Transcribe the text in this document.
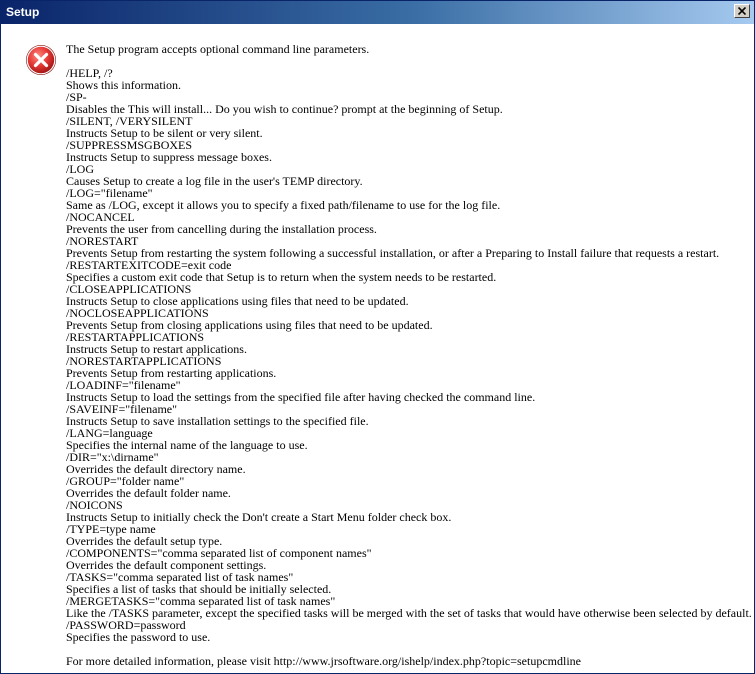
Setup
The Setup program accepts optional command line parameters.
/HELP, /?
Shows this information.
/SP-
Disables the This will install... Do you wish to continue? prompt at the beginning of Setup.
/SILENT, /VERYSILENT
Instructs Setup to be silent or very silent.
/SUPPRESSMSGBOXES
Instructs Setup to suppress message boxes.
/LOG
Causes Setup to create a log file in the user's TEMP directory.
/LOG="filename"
Same as /LOG, except it allows you to specify a fixed path/filename to use for the log file.
/NOCANCEL
Prevents the user from cancelling during the installation process.
/NORESTART
Prevents Setup from restarting the system following a successful installation, or after a Preparing to Install failure that requests a restart.
/RESTARTEXITCODE=exit code
Specifies a custom exit code that Setup is to return when the system needs to be restarted.
/CLOSEAPPLICATIONS
Instructs Setup to close applications using files that need to be updated.
/NOCLOSEAPPLICATIONS
Prevents Setup from closing applications using files that need to be updated.
/RESTARTAPPLICATIONS
Instructs Setup to restart applications.
/NORESTARTAPPLICATIONS
Prevents Setup from restarting applications.
/LOADINF="filename"
Instructs Setup to load the settings from the specified file after having checked the command line.
/SAVEINF="filename"
Instructs Setup to save installation settings to the specified file.
/LANG=language
Specifies the internal name of the language to use.
/DIR="x:\dirname"
Overrides the default directory name.
/GROUP="folder name"
Overrides the default folder name.
/NOICONS
Instructs Setup to initially check the Don't create a Start Menu folder check box.
/TYPE=type name
Overrides the default setup type.
/COMPONENTS="comma separated list of component names"
Overrides the default component settings.
/TASKS="comma separated list of task names"
Specifies a list of tasks that should be initially selected.
/MERGETASKS="comma separated list of task names"
Like the /TASKS parameter, except the specified tasks will be merged with the set of tasks that would have otherwise been selected by default.
/PASSWORD=password
Specifies the password to use.
For more detailed information, please visit http://www.jrsoftware.org/ishelp/index.php?topic=setupcmdline
